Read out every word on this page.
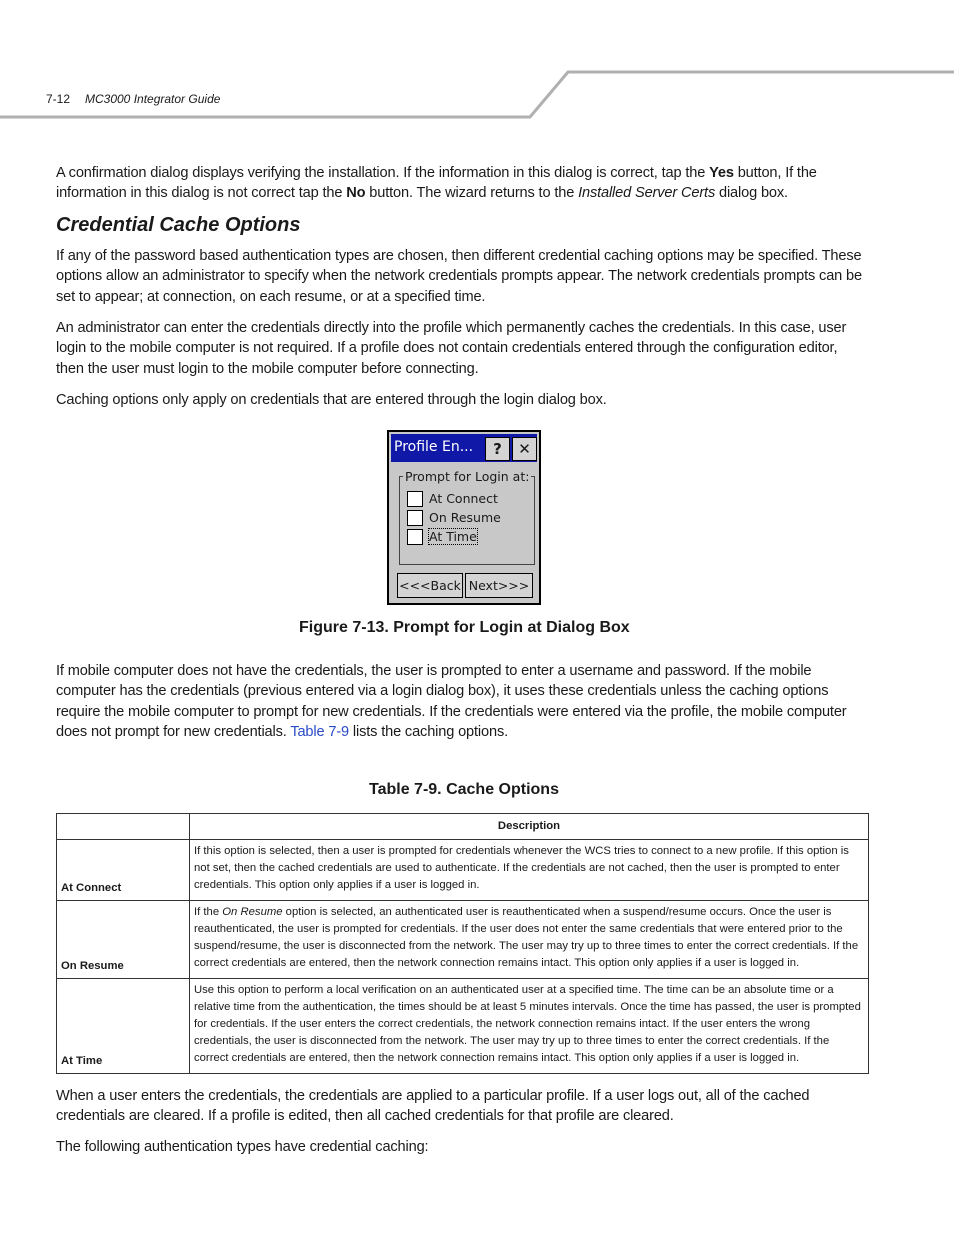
7-12 MC3000 Integrator Guide
A confirmation dialog displays verifying the installation. If the information in this dialog is correct, tap the Yes button, If the information in this dialog is not correct tap the No button. The wizard returns to the Installed Server Certs dialog box.
Credential Cache Options
If any of the password based authentication types are chosen, then different credential caching options may be specified. These options allow an administrator to specify when the network credentials prompts appear. The network credentials prompts can be set to appear; at connection, on each resume, or at a specified time.
An administrator can enter the credentials directly into the profile which permanently caches the credentials. In this case, user login to the mobile computer is not required. If a profile does not contain credentials entered through the configuration editor, then the user must login to the mobile computer before connecting.
Caching options only apply on credentials that are entered through the login dialog box.
Profile En...	?	✕
Prompt for Login at:
At Connect
On Resume
At Time
<<<Back Next>>>
Figure 7-13. Prompt for Login at Dialog Box
If mobile computer does not have the credentials, the user is prompted to enter a username and password. If the mobile computer has the credentials (previous entered via a login dialog box), it uses these credentials unless the caching options require the mobile computer to prompt for new credentials. If the credentials were entered via the profile, the mobile computer does not prompt for new credentials. Table 7-9 lists the caching options.
Table 7-9. Cache Options
	Description
At Connect	If this option is selected, then a user is prompted for credentials whenever the WCS tries to connect to a new profile. If this option is not set, then the cached credentials are used to authenticate. If the credentials are not cached, then the user is prompted to enter credentials. This option only applies if a user is logged in.
On Resume	If the On Resume option is selected, an authenticated user is reauthenticated when a suspend/resume occurs. Once the user is reauthenticated, the user is prompted for credentials. If the user does not enter the same credentials that were entered prior to the suspend/resume, the user is disconnected from the network. The user may try up to three times to enter the correct credentials. If the correct credentials are entered, then the network connection remains intact. This option only applies if a user is logged in.
At Time	Use this option to perform a local verification on an authenticated user at a specified time. The time can be an absolute time or a relative time from the authentication, the times should be at least 5 minutes intervals. Once the time has passed, the user is prompted for credentials. If the user enters the correct credentials, the network connection remains intact. If the user enters the wrong credentials, the user is disconnected from the network. The user may try up to three times to enter the correct credentials. If the correct credentials are entered, then the network connection remains intact. This option only applies if a user is logged in.
When a user enters the credentials, the credentials are applied to a particular profile. If a user logs out, all of the cached credentials are cleared. If a profile is edited, then all cached credentials for that profile are cleared.
The following authentication types have credential caching:
